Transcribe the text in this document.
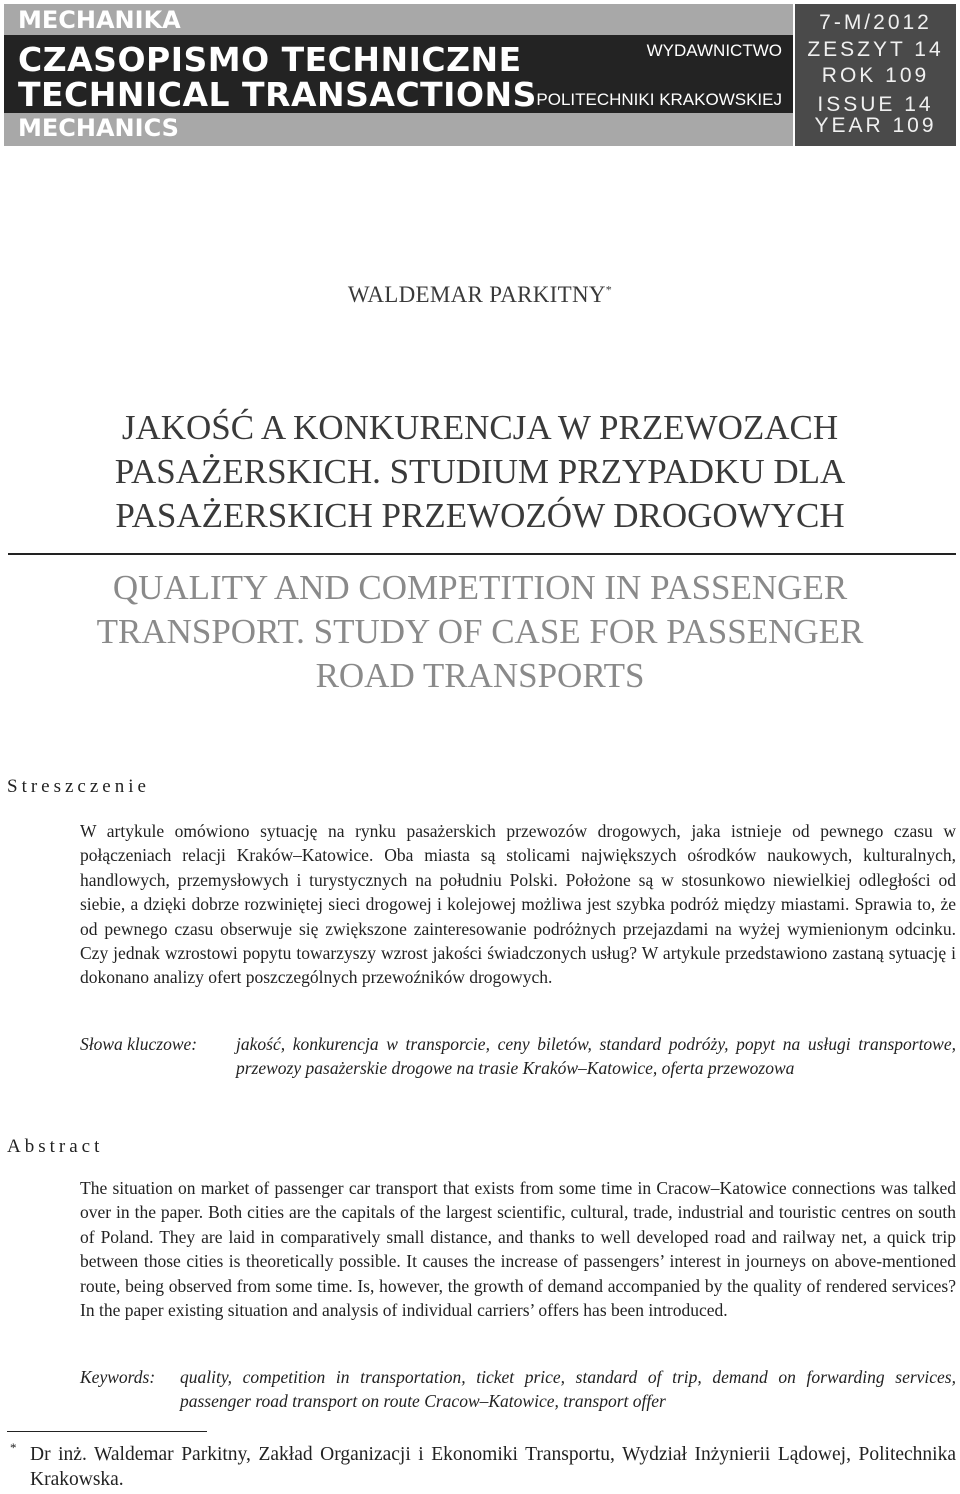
MECHANIKA
CZASOPISMO TECHNICZNE
TECHNICAL TRANSACTIONS
MECHANICS
WYDAWNICTWO
POLITECHNIKI KRAKOWSKIEJ
7-M/2012
ZESZYT 14
ROK 109
ISSUE 14
YEAR 109
WALDEMAR PARKITNY*
JAKOŚĆ A KONKURENCJA W PRZEWOZACH PASAŻERSKICH. STUDIUM PRZYPADKU DLA PASAŻERSKICH PRZEWOZÓW DROGOWYCH
QUALITY AND COMPETITION IN PASSENGER TRANSPORT. STUDY OF CASE FOR PASSENGER ROAD TRANSPORTS
Streszczenie
W artykule omówiono sytuację na rynku pasażerskich przewozów drogowych, jaka istnieje od pewnego czasu w połączeniach relacji Kraków–Katowice. Oba miasta są stolicami największych ośrodków naukowych, kulturalnych, handlowych, przemysłowych i turystycznych na południu Polski. Położone są w stosunkowo niewielkiej odległości od siebie, a dzięki dobrze rozwiniętej sieci drogowej i kolejowej możliwa jest szybka podróż między miastami. Sprawia to, że od pewnego czasu obserwuje się zwiększone zainteresowanie podróżnych przejazdami na wyżej wymienionym odcinku. Czy jednak wzrostowi popytu towarzyszy wzrost jakości świadczonych usług? W artykule przedstawiono zastaną sytuację i dokonano analizy ofert poszczególnych przewoźników drogowych.
Słowa kluczowe:	jakość, konkurencja w transporcie, ceny biletów, standard podróży, popyt na usługi transportowe, przewozy pasażerskie drogowe na trasie Kraków–Katowice, oferta przewozowa
Abstract
The situation on market of passenger car transport that exists from some time in Cracow–Katowice connections was talked over in the paper. Both cities are the capitals of the largest scientific, cultural, trade, industrial and touristic centres on south of Poland. They are laid in comparatively small distance, and thanks to well developed road and railway net, a quick trip between those cities is theoretically possible. It causes the increase of passengers’ interest in journeys on above-mentioned route, being observed from some time. Is, however, the growth of demand accompanied by the quality of rendered services? In the paper existing situation and analysis of individual carriers’ offers has been introduced.
Keywords:	quality, competition in transportation, ticket price, standard of trip, demand on forwarding services, passenger road transport on route Cracow–Katowice, transport offer
* Dr inż. Waldemar Parkitny, Zakład Organizacji i Ekonomiki Transportu, Wydział Inżynierii Lądowej, Politechnika Krakowska.
